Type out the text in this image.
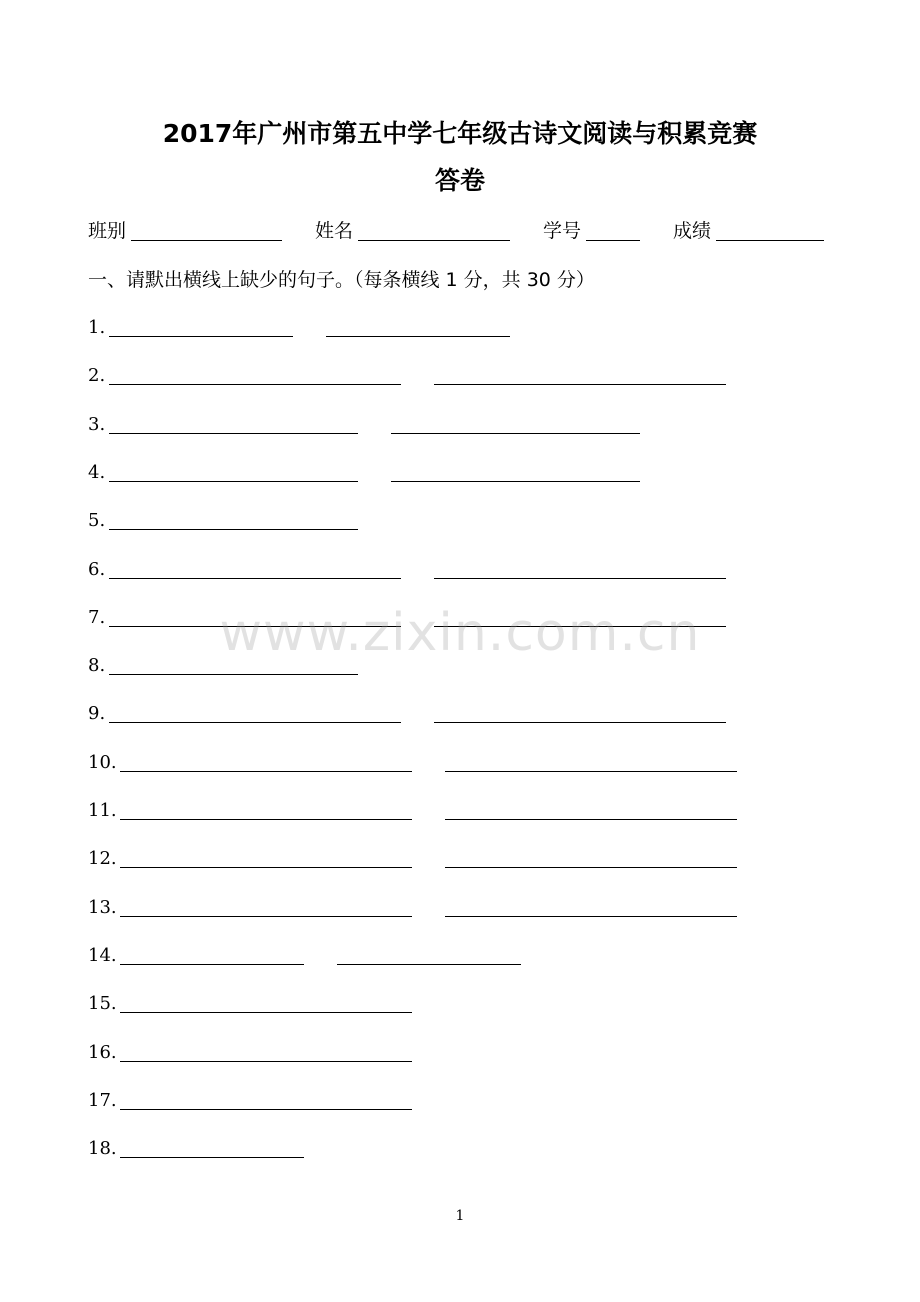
2017年广州市第五中学七年级古诗文阅读与积累竞赛
答卷
班别	姓名	学号	成绩
一、请默出横线上缺少的句子。（每条横线 1 分，共 30 分）
1.
2.
3.
4.
5.
6.
7.
8.
9.
10.
11.
12.
13.
14.
15.
16.
17.
18.
www.zixin.com.cn
1
